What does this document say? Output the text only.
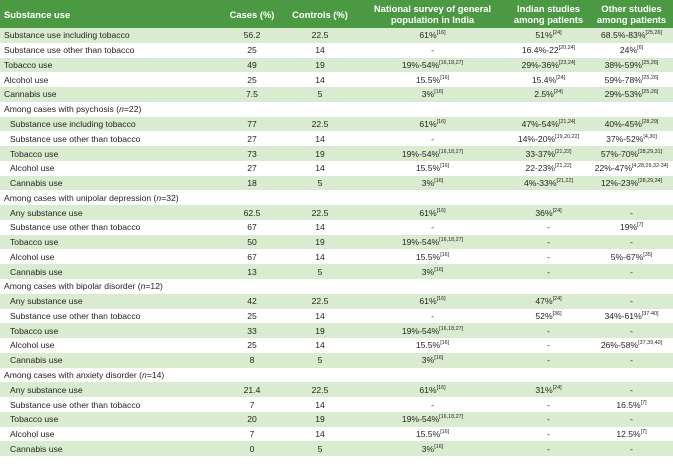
Substance use	Cases (%)	Controls (%)	National survey of general population in India	Indian studies among patients	Other studies among patients
Substance use including tobacco	56.2	22.5	61%[16]	51%[24]	68.5%-83%[25,26]
Substance use other than tobacco	25	14	-	16.4%-22[20,24]	24%[6]
Tobacco use	49	19	19%-54%[16,18,27]	29%-36%[23,24]	38%-59%[25,26]
Alcohol use	25	14	15.5%[16]	15.4%[24]	59%-78%[25,26]
Cannabis use	7.5	5	3%[16]	2.5%[24]	29%-53%[25,26]
Among cases with psychosis (n=22)					
Substance use including tobacco	77	22.5	61%[16]	47%-54%[21,24]	40%-45%[28,29]
Substance use other than tobacco	27	14	-	14%-20%[19,20,22]	37%-52%[4,30]
Tobacco use	73	19	19%-54%[16,18,27]	33-37%[21,22]	57%-70%[28,29,31]
Alcohol use	27	14	15.5%[16]	22-23%[21,22]	22%-47%[4,28,29,32-34]
Cannabis use	18	5	3%[16]	4%-33%[21,22]	12%-23%[28,29,34]
Among cases with unipolar depression (n=32)					
Any substance use	62.5	22.5	61%[16]	36%[24]	-
Substance use other than tobacco	67	14	-	-	19%[7]
Tobacco use	50	19	19%-54%[16,18,27]	-	-
Alcohol use	67	14	15.5%[16]	-	5%-67%[35]
Cannabis use	13	5	3%[16]	-	-
Among cases with bipolar disorder (n=12)					
Any substance use	42	22.5	61%[16]	47%[24]	-
Substance use other than tobacco	25	14	-	52%[36]	34%-61%[37-40]
Tobacco use	33	19	19%-54%[16,18,27]	-	-
Alcohol use	25	14	15.5%[16]	-	26%-58%[37,39,40]
Cannabis use	8	5	3%[16]	-	-
Among cases with anxiety disorder (n=14)					
Any substance use	21.4	22.5	61%[16]	31%[24]	-
Substance use other than tobacco	7	14	-	-	16.5%[7]
Tobacco use	20	19	19%-54%[16,18,27]	-	-
Alcohol use	7	14	15.5%[16]	-	12.5%[7]
Cannabis use	0	5	3%[16]	-	-
